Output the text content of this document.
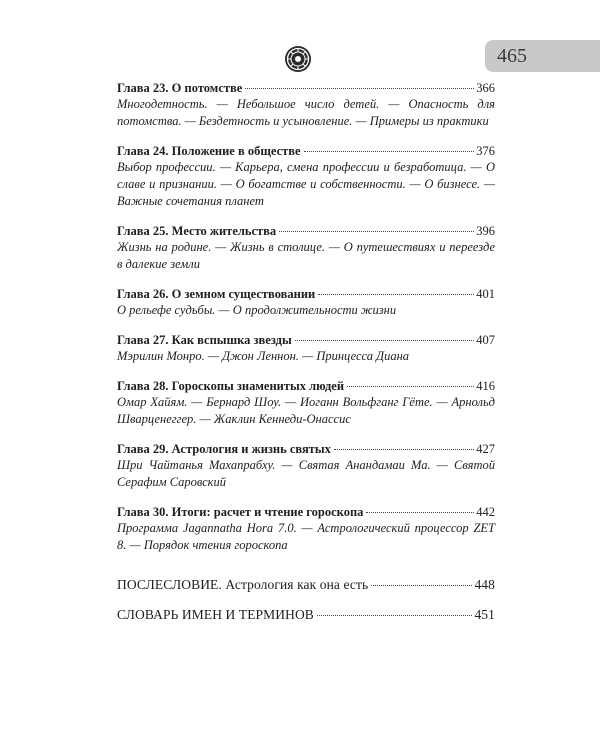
465
Глава 23. О потомстве	366
Многодетность. — Небольшое число детей. — Опасность для потомства. — Бездетность и усыновление. — Примеры из практики
Глава 24. Положение в обществе	376
Выбор профессии. — Карьера, смена профессии и безработица. — О славе и признании. — О богатстве и собственности. — О бизнесе. — Важные сочетания планет
Глава 25. Место жительства	396
Жизнь на родине. — Жизнь в столице. — О путешествиях и переезде в далекие земли
Глава 26. О земном существовании	401
О рельефе судьбы. — О продолжительности жизни
Глава 27. Как вспышка звезды	407
Мэрилин Монро. — Джон Леннон. — Принцесса Диана
Глава 28. Гороскопы знаменитых людей	416
Омар Хайям. — Бернард Шоу. — Иоганн Вольфганг Гёте. — Арнольд Шварценеггер. — Жаклин Кеннеди-Онассис
Глава 29. Астрология и жизнь святых	427
Шри Чайтанья Махапрабху. — Святая Анандамаи Ма. — Святой Серафим Саровский
Глава 30. Итоги: расчет и чтение гороскопа	442
Программа Jagannatha Hora 7.0. — Астрологический процессор ZET 8. — Порядок чтения гороскопа
ПОСЛЕСЛОВИЕ. Астрология как она есть	448
СЛОВАРЬ ИМЕН И ТЕРМИНОВ	451
